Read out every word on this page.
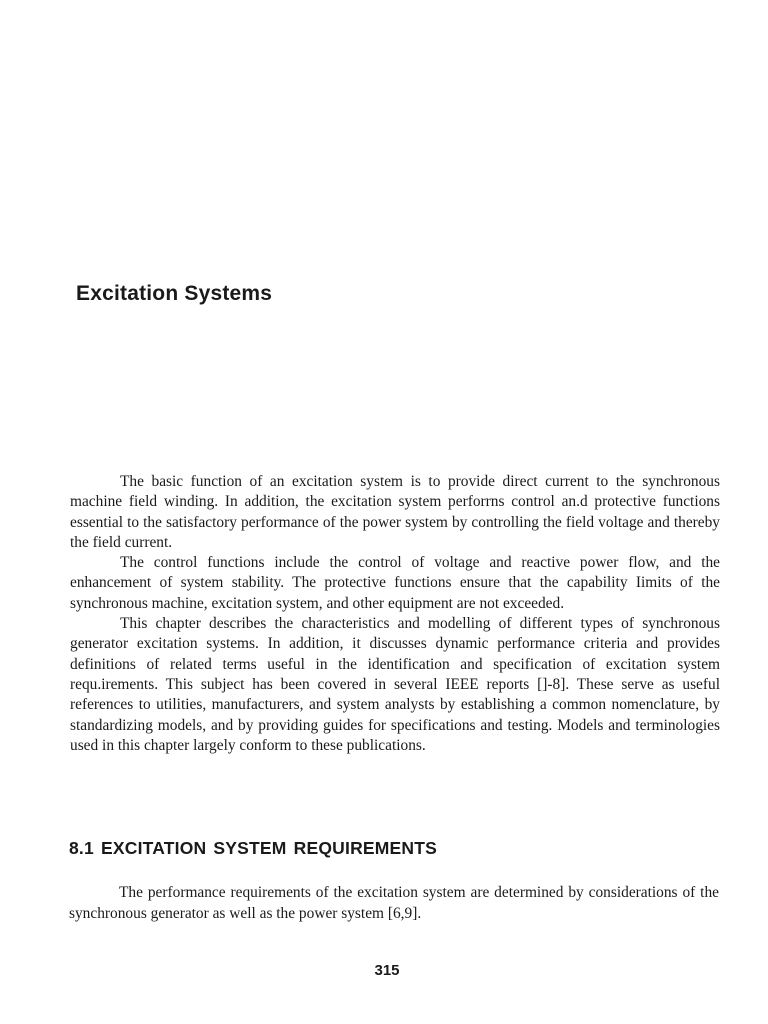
Excitation Systems

The basic function of an excitation system is to provide direct current to the synchronous machine field winding. In addition, the excitation system perforrns control an.d protective functions essential to the satisfactory performance of the power system by controlling the field voltage and thereby the field current.

The control functions include the control of voltage and reactive power flow, and the enhancement of system stability. The protective functions ensure that the capability Iimits of the synchronous machine, excitation system, and other equipment are not exceeded.

This chapter describes the characteristics and modelling of different types of synchronous generator excitation systems. In addition, it discusses dynamic performance criteria and provides definitions of related terms useful in the identification and specification of excitation system requ.irements. This subject has been covered in several IEEE reports []-8]. These serve as useful references to utilities, manufacturers, and system analysts by establishing a common nomenclature, by standardizing models, and by providing guides for specifications and testing. Models and terminologies used in this chapter largely conform to these publications.

8.1 EXCITATION SYSTEM REQUIREMENTS

The performance requirements of the excitation system are determined by considerations of the synchronous generator as well as the power system [6,9].

315
